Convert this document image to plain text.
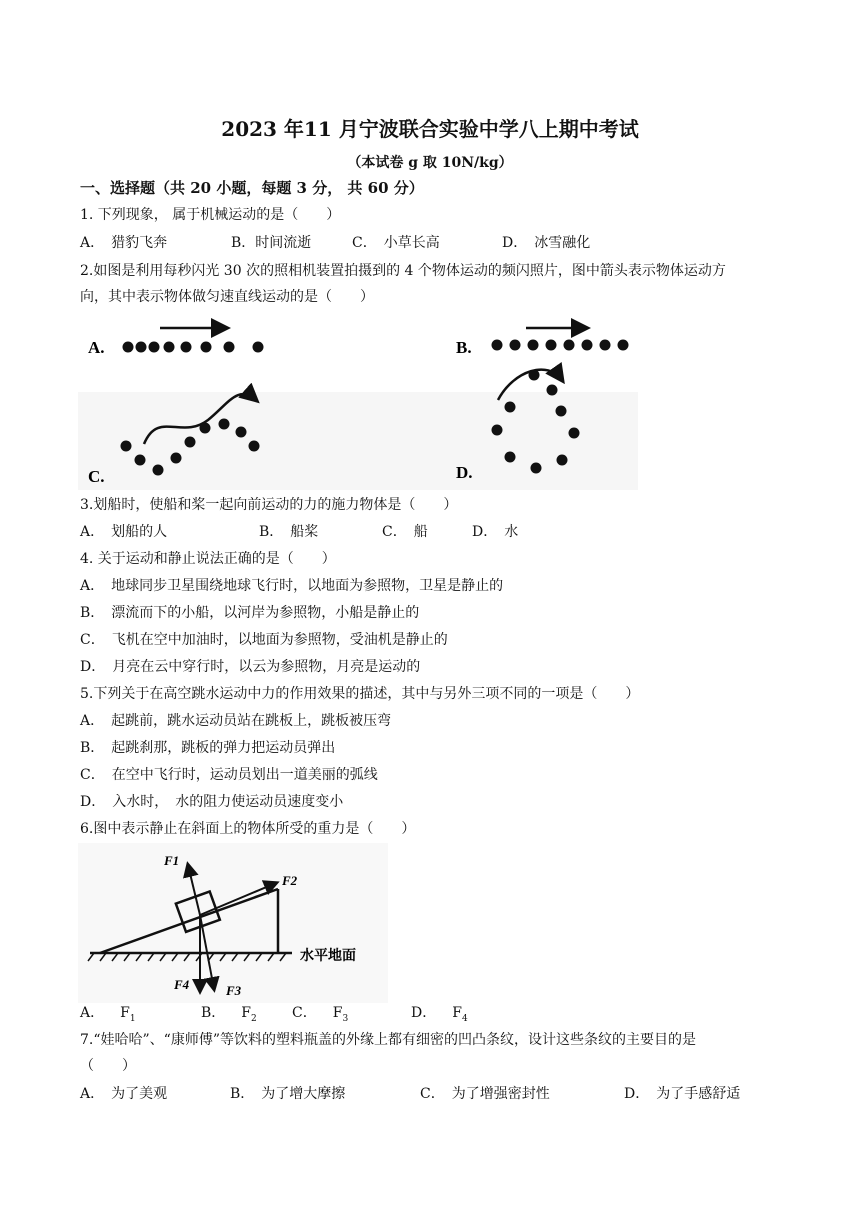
2023 年11 月宁波联合实验中学八上期中考试
（本试卷 g 取 10N/kg）
一、选择题（共 20 小题，每题 3 分， 共 60 分）
1. 下列现象， 属于机械运动的是（　　）
A．　猎豹飞奔	B．时间流逝	C．　小草长高	D．　冰雪融化
2.如图是利用每秒闪光 30 次的照相机装置拍摄到的 4 个物体运动的频闪照片，图中箭头表示物体运动方
向，其中表示物体做匀速直线运动的是（　　）
A.	B.
C.	D.
3.划船时，使船和桨一起向前运动的力的施力物体是（　　）
A．　划船的人	B．　船桨	C．　船	D．　水
4. 关于运动和静止说法正确的是（　　）
A．　地球同步卫星围绕地球飞行时，以地面为参照物，卫星是静止的
B．　漂流而下的小船，以河岸为参照物，小船是静止的
C．　飞机在空中加油时，以地面为参照物，受油机是静止的
D．　月亮在云中穿行时，以云为参照物，月亮是运动的
5.下列关于在高空跳水运动中力的作用效果的描述，其中与另外三项不同的一项是（　　）
A．　起跳前，跳水运动员站在跳板上，跳板被压弯
B．　起跳刹那，跳板的弹力把运动员弹出
C．　在空中飞行时，运动员划出一道美丽的弧线
D．　入水时，　水的阻力使运动员速度变小
6.图中表示静止在斜面上的物体所受的重力是（　　）
F1
F2
F4	F3
水平地面
A． $F_1$	B． $F_2$	C． $F_3$	D． $F_4$
7.“娃哈哈”、“康师傅”等饮料的塑料瓶盖的外缘上都有细密的凹凸条纹，设计这些条纹的主要目的是
（　　）
A．　为了美观	B．　为了增大摩擦	C．　为了增强密封性	D．　为了手感舒适
